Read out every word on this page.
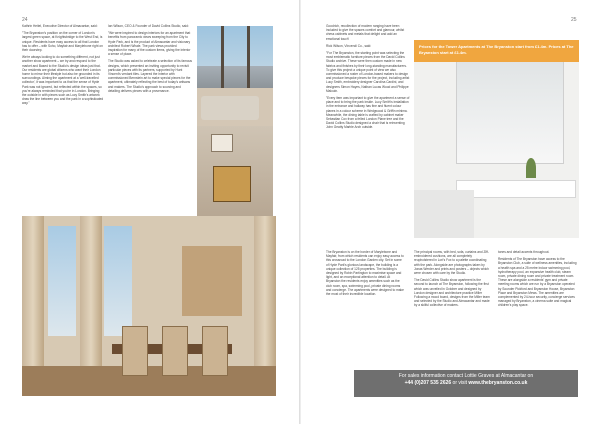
24	25

Kathrin Heitel, Executive Director of Almacantar, said:

"The Bryanston's position on the corner of London's largest green space, at Knightsbridge to the West End, is unique. Residents have easy access to all that London has to offer – with Soho, Mayfair and Marylebone right on their doorstep.

We're always looking to do something different, not just another show apartment – we try and respond to the market and Based to the Studio's design ideas just that. Our residents are global citizens who want their London home to mirror their lifestyle but also be grounded in its surroundings. Aiming the apartment at a 'well-travelled collector', it was important to us that the sense of Hyde Park was not ignored, but reflected within the spaces, so you're always reminded that you're in London. Bringing the outside in with pieces such as Lucy Smith's artwork draw the line between you and the park in a sophisticated way."

Ian Wilson, CEO & Founder of David Collins Studio, said:

"We were inspired to design interiors for an apartment that benefits from panoramic views sweeping from the City to Hyde Park, and is the product of Almacantar and visionary architect Robert Whale. The park views provided inspiration for many of the custom items, giving the interior a sense of place.

The Studio was asked to celebrate a selection of its famous designs, which presented an inviting opportunity to revisit particular pieces with its partners, supported by Hunt Vincent's verdant tiles. Layered the interior with commissioned Bernstein art to make special pieces for the apartment, ultimately reflecting the best of today's artisans and makers. The Studio's approach to sourcing and detailing delivers pieces with a provenance.

Goodrich, recollection of modern ranging have been included to give the spaces comfort and glamour, whilst chess cabinets and metals that delight and add an emotional touch’

Rick Wilson, VIncendi Co., said:

"For The Bryanston, the starting point was selecting the most emblematic furniture pieces from the David Collins Studio archive. These were then custom made in new fabrics and finishes by their long-standing manufacturers. To give this project a unique point of view we also commissioned a roster of London-based makers to design and produce bespoke pieces for the project, including artist Lucy Smith, embroidery designer Carolina Cardini, and designers Simon Hayes, Nathan Lucas Wood and Philippe Malouin.

"Every item was important to give the apartment a sense of place and to bring the park inside. Lucy Smith's installation in the entrance and hallway has fine and fluent colour planes in a colour scheme in Wedgwood & Griffin minima. Meanwhile, the dining table is crafted by cabinet maker Sebastian Cox from a felled London Plane tree and the David Collins Studio designed a chair that is reinventing John Geatty Marble Arch outside.

Prices for the Tower Apartments at The Bryanston start from £1.4m. Prices at The Bryanston start at £1.4m.

The Bryanston is on the border of Marylebone and Mayfair, from which residents can enjoy easy access to this crossroad to the London Garden city. Set in some of Hyde Park's glorious landscape, the building is a unique collection of 125 properties. The building is designed by Robin Partington to maximise space and light, and an exceptional attention to detail. At Bryanston the residents enjoy amenities such as the club room, spa, swimming pool, private dining rooms and concierge. The apartments were designed to make the most of their incredible location.

The principal rooms, with bed, sofa, curtains and Ziff-embroidered cushions, are all completely reupholstered in Lori's Fox to a palette coordinating with the park. Alongside are photographs taken by Jonas Werder and prints and posters – objects which were chosen with care by the Studio.

The David Collins Studio show apartment is the second to launch at The Bryanston, following the first which was unveiled in October and designed by London designer and architecture practice Miller Following a mood board, designs from the Miller team and selected by the Studio and Almacantar and made by a skilful collective of makers.

tones and detail accents throughout.

Residents of The Bryanston have access to the Bryanston Club, a suite of wellness amenities, including a health spa and a 25 metre indoor swimming pool, hydrotherapy pool, an expansive health club, steam room, private dining room and private treatment room. These are alongside a residents' gym and private meeting rooms which are run by a Bryanston operated by Sounder Pickford and Bryanston House, Bryanston Place and Bryanston Mews. The amenities are complemented by 24-hour security, concierge services managed by Bryanston, a cinema suite and magical children's play space.

For sales information contact Lottie Graves at Almacantar on
+44 (0)207 535 2626 or visit www.thebryanston.co.uk
